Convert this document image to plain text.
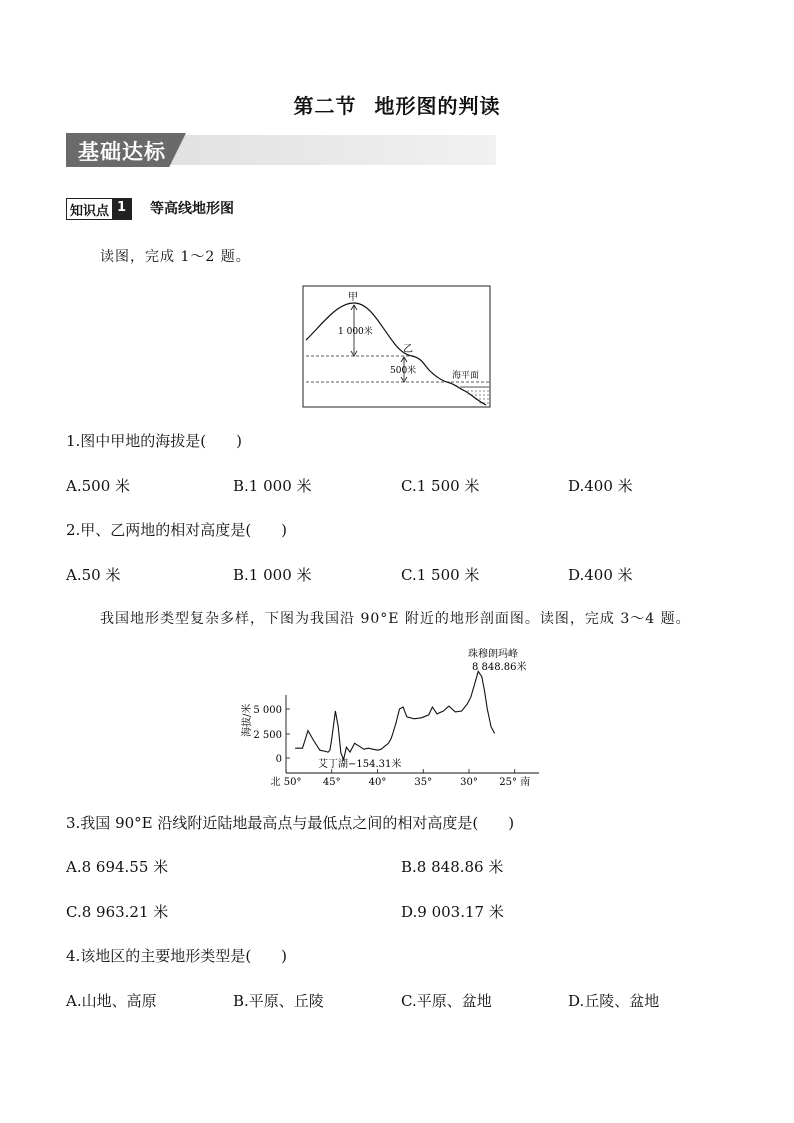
第二节 地形图的判读
基础达标
知识点 1	等高线地形图
读图，完成 1～2 题。
甲
乙
1 000米
500米	海平面
1.图中甲地的海拔是(　　)
A.500 米	B.1 000 米	C.1 500 米	D.400 米
2.甲、乙两地的相对高度是(　　)
A.50 米	B.1 000 米	C.1 500 米	D.400 米
我国地形类型复杂多样，下图为我国沿 90°E 附近的地形剖面图。读图，完成 3～4 题。
珠穆朗玛峰
8 848.86米
海拔/米 5 000
2 500
0
北 50° 45°	40°	35°	30° 25° 南
艾丁湖−154.31米
3.我国 90°E 沿线附近陆地最高点与最低点之间的相对高度是(　　)
A.8 694.55 米	B.8 848.86 米
C.8 963.21 米	D.9 003.17 米
4.该地区的主要地形类型是(　　)
A.山地、高原	B.平原、丘陵	C.平原、盆地	D.丘陵、盆地
